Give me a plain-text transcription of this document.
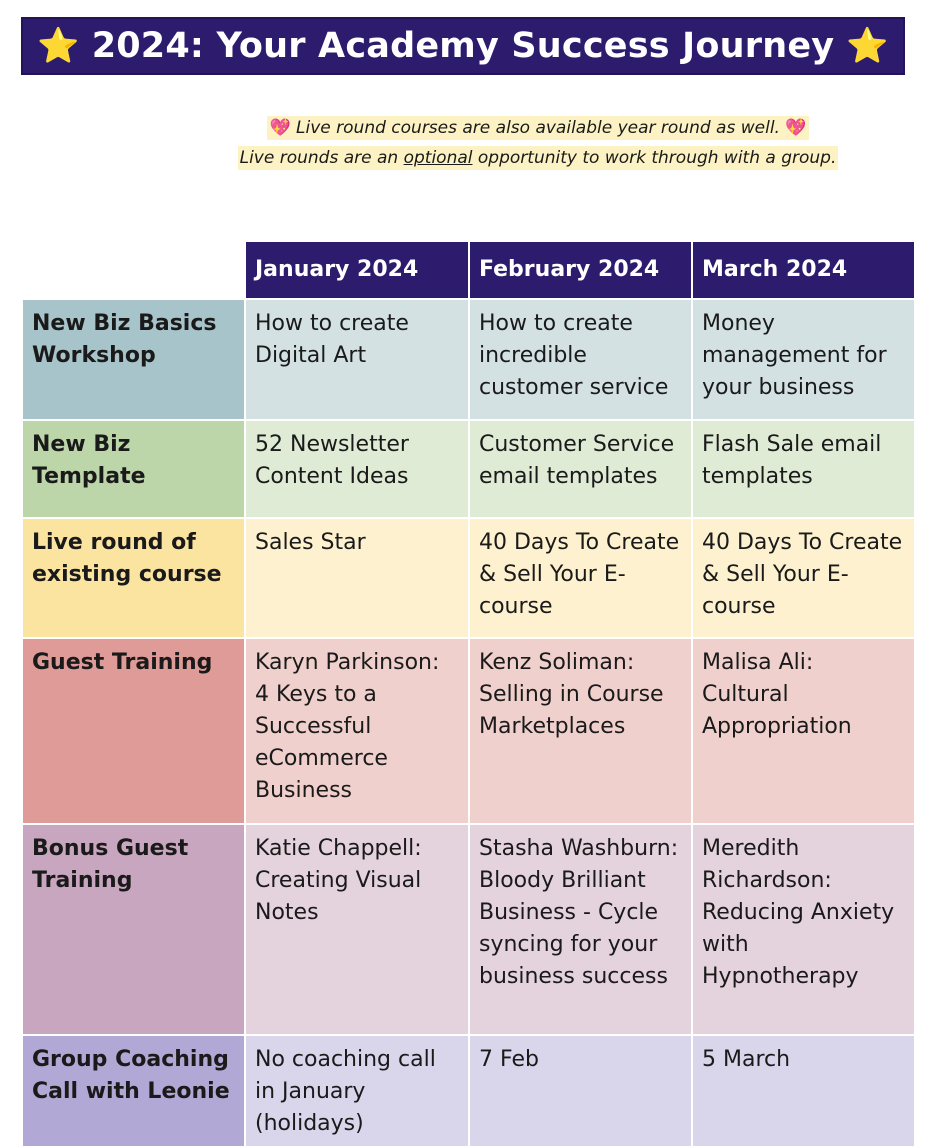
⭐ 2024: Your Academy Success Journey ⭐
💖 Live round courses are also available year round as well. 💖
Live rounds are an optional opportunity to work through with a group.
	January 2024	February 2024	March 2024
New Biz Basics Workshop	How to create Digital Art	How to create incredible customer service	Money management for your business
New Biz Template	52 Newsletter Content Ideas	Customer Service email templates	Flash Sale email templates
Live round of existing course	Sales Star	40 Days To Create & Sell Your E-course	40 Days To Create & Sell Your E-course
Guest Training	Karyn Parkinson: 4 Keys to a Successful eCommerce Business	Kenz Soliman: Selling in Course Marketplaces	Malisa Ali: Cultural Appropriation
Bonus Guest Training	Katie Chappell: Creating Visual Notes	Stasha Washburn: Bloody Brilliant Business - Cycle syncing for your business success	Meredith Richardson: Reducing Anxiety with Hypnotherapy
Group Coaching Call with Leonie	No coaching call in January (holidays)	7 Feb	5 March
